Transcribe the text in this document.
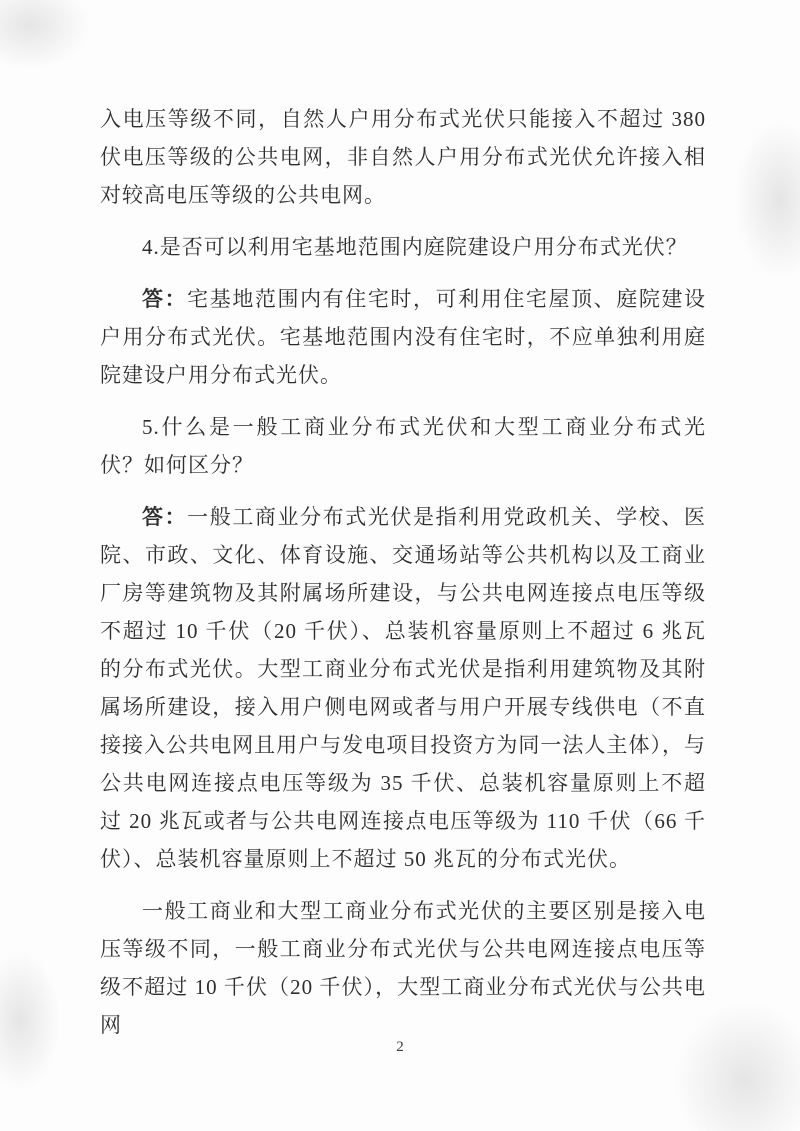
入电压等级不同，自然人户用分布式光伏只能接入不超过 380 伏电压等级的公共电网，非自然人户用分布式光伏允许接入相对较高电压等级的公共电网。

4.是否可以利用宅基地范围内庭院建设户用分布式光伏？

答：宅基地范围内有住宅时，可利用住宅屋顶、庭院建设户用分布式光伏。宅基地范围内没有住宅时，不应单独利用庭院建设户用分布式光伏。

5.什么是一般工商业分布式光伏和大型工商业分布式光伏？如何区分？

答：一般工商业分布式光伏是指利用党政机关、学校、医院、市政、文化、体育设施、交通场站等公共机构以及工商业厂房等建筑物及其附属场所建设，与公共电网连接点电压等级不超过 10 千伏（20 千伏）、总装机容量原则上不超过 6 兆瓦的分布式光伏。大型工商业分布式光伏是指利用建筑物及其附属场所建设，接入用户侧电网或者与用户开展专线供电（不直接接入公共电网且用户与发电项目投资方为同一法人主体），与公共电网连接点电压等级为 35 千伏、总装机容量原则上不超过 20 兆瓦或者与公共电网连接点电压等级为 110 千伏（66 千伏）、总装机容量原则上不超过 50 兆瓦的分布式光伏。

一般工商业和大型工商业分布式光伏的主要区别是接入电压等级不同，一般工商业分布式光伏与公共电网连接点电压等级不超过 10 千伏（20 千伏），大型工商业分布式光伏与公共电网

2
